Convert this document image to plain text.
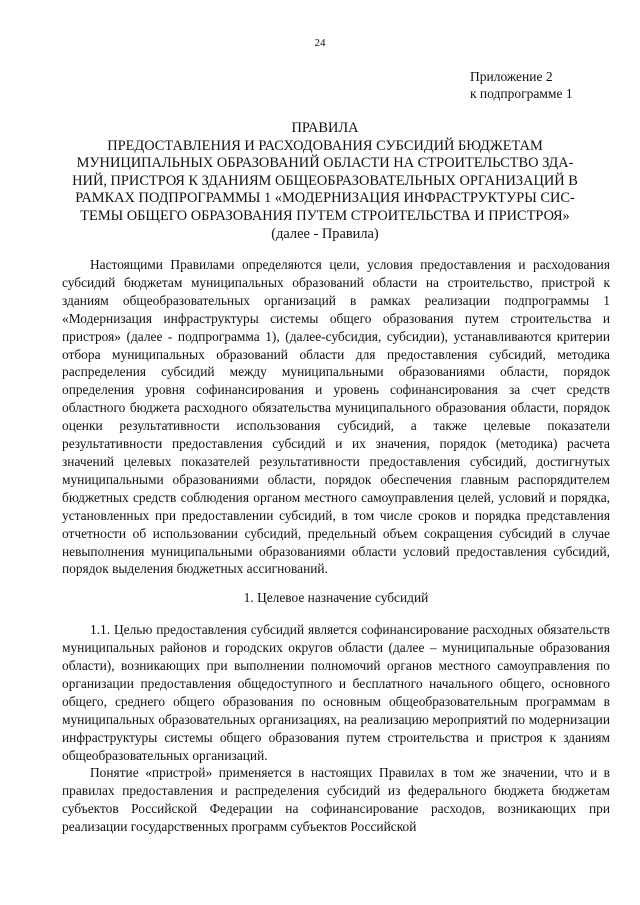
24
Приложение 2
к подпрограмме 1
ПРАВИЛА
ПРЕДОСТАВЛЕНИЯ И РАСХОДОВАНИЯ СУБСИДИЙ БЮДЖЕТАМ
МУНИЦИПАЛЬНЫХ ОБРАЗОВАНИЙ ОБЛАСТИ НА СТРОИТЕЛЬСТВО ЗДА-
НИЙ, ПРИСТРОЯ К ЗДАНИЯМ ОБЩЕОБРАЗОВАТЕЛЬНЫХ ОРГАНИЗАЦИЙ В
РАМКАХ ПОДПРОГРАММЫ 1 «МОДЕРНИЗАЦИЯ ИНФРАСТРУКТУРЫ СИС-
ТЕМЫ ОБЩЕГО ОБРАЗОВАНИЯ ПУТЕМ СТРОИТЕЛЬСТВА И ПРИСТРОЯ»
(далее - Правила)

Настоящими Правилами определяются цели, условия предоставления и расходования субсидий бюджетам муниципальных образований области на строительство, пристрой к зданиям общеобразовательных организаций в рамках реализации подпрограммы 1 «Модернизация инфраструктуры системы общего образования путем строительства и пристроя» (далее - подпрограмма 1), (далее-субсидия, субсидии), устанавливаются критерии отбора муниципальных образований области для предоставления субсидий, методика распределения субсидий между муниципальными образованиями области, порядок определения уровня софинансирования и уровень софинансирования за счет средств областного бюджета расходного обязательства муниципального образования области, порядок оценки результативности использования субсидий, а также целевые показатели результативности предоставления субсидий и их значения, порядок (методика) расчета значений целевых показателей результативности предоставления субсидий, достигнутых муниципальными образованиями области, порядок обеспечения главным распорядителем бюджетных средств соблюдения органом местного самоуправления целей, условий и порядка, установленных при предоставлении субсидий, в том числе сроков и порядка представления отчетности об использовании субсидий, предельный объем сокращения субсидий в случае невыполнения муниципальными образованиями области условий предоставления субсидий, порядок выделения бюджетных ассигнований.

1. Целевое назначение субсидий

1.1. Целью предоставления субсидий является софинансирование расходных обязательств муниципальных районов и городских округов области (далее – муниципальные образования области), возникающих при выполнении полномочий органов местного самоуправления по организации предоставления общедоступного и бесплатного начального общего, основного общего, среднего общего образования по основным общеобразовательным программам в муниципальных образовательных организациях, на реализацию мероприятий по модернизации инфраструктуры системы общего образования путем строительства и пристроя к зданиям общеобразовательных организаций.

Понятие «пристрой» применяется в настоящих Правилах в том же значении, что и в правилах предоставления и распределения субсидий из федерального бюджета бюджетам субъектов Российской Федерации на софинансирование расходов, возникающих при реализации государственных программ субъектов Российской
